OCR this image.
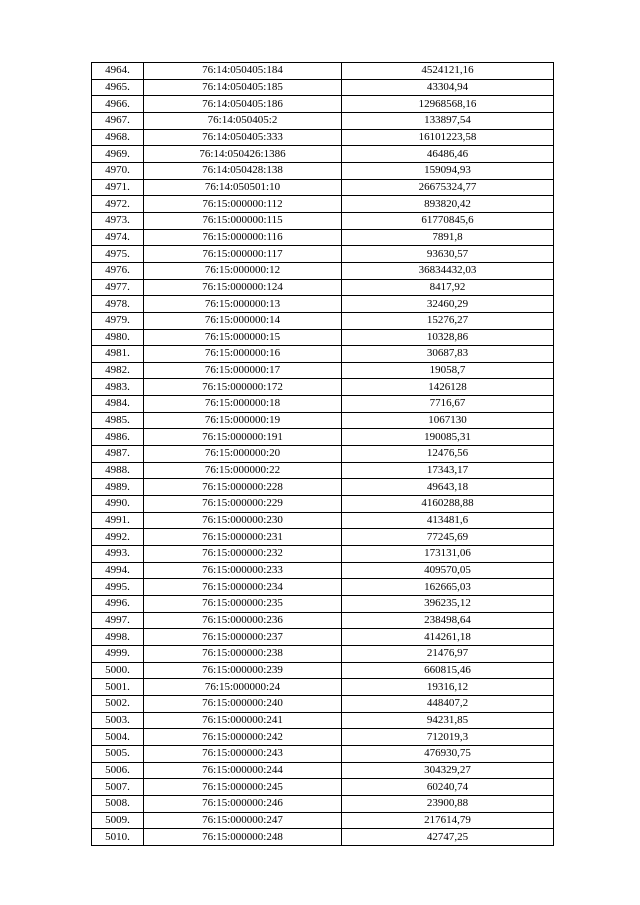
4964.	76:14:050405:184	4524121,16
4965.	76:14:050405:185	43304,94
4966.	76:14:050405:186	12968568,16
4967.	76:14:050405:2	133897,54
4968.	76:14:050405:333	16101223,58
4969.	76:14:050426:1386	46486,46
4970.	76:14:050428:138	159094,93
4971.	76:14:050501:10	26675324,77
4972.	76:15:000000:112	893820,42
4973.	76:15:000000:115	61770845,6
4974.	76:15:000000:116	7891,8
4975.	76:15:000000:117	93630,57
4976.	76:15:000000:12	36834432,03
4977.	76:15:000000:124	8417,92
4978.	76:15:000000:13	32460,29
4979.	76:15:000000:14	15276,27
4980.	76:15:000000:15	10328,86
4981.	76:15:000000:16	30687,83
4982.	76:15:000000:17	19058,7
4983.	76:15:000000:172	1426128
4984.	76:15:000000:18	7716,67
4985.	76:15:000000:19	1067130
4986.	76:15:000000:191	190085,31
4987.	76:15:000000:20	12476,56
4988.	76:15:000000:22	17343,17
4989.	76:15:000000:228	49643,18
4990.	76:15:000000:229	4160288,88
4991.	76:15:000000:230	413481,6
4992.	76:15:000000:231	77245,69
4993.	76:15:000000:232	173131,06
4994.	76:15:000000:233	409570,05
4995.	76:15:000000:234	162665,03
4996.	76:15:000000:235	396235,12
4997.	76:15:000000:236	238498,64
4998.	76:15:000000:237	414261,18
4999.	76:15:000000:238	21476,97
5000.	76:15:000000:239	660815,46
5001.	76:15:000000:24	19316,12
5002.	76:15:000000:240	448407,2
5003.	76:15:000000:241	94231,85
5004.	76:15:000000:242	712019,3
5005.	76:15:000000:243	476930,75
5006.	76:15:000000:244	304329,27
5007.	76:15:000000:245	60240,74
5008.	76:15:000000:246	23900,88
5009.	76:15:000000:247	217614,79
5010.	76:15:000000:248	42747,25
